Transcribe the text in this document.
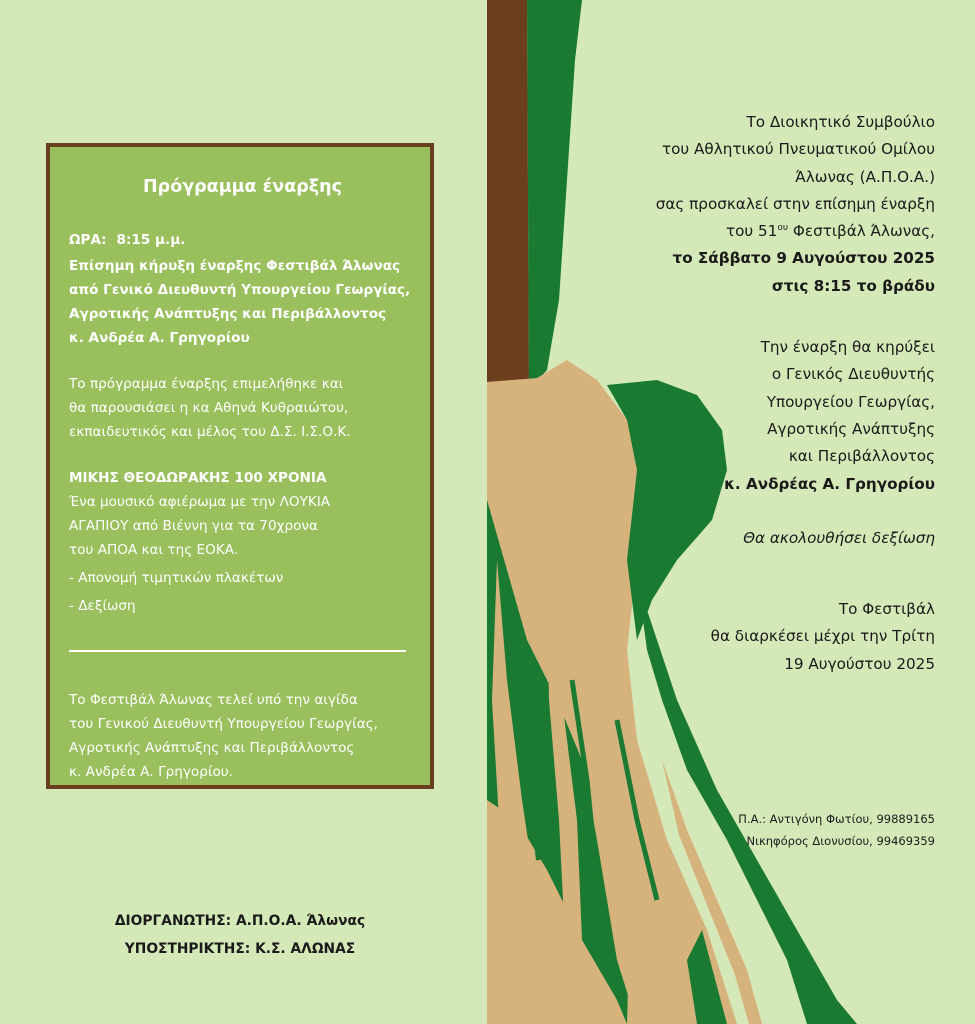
Πρόγραμμα έναρξης

ΩΡΑ: 8:15 μ.μ.

Επίσημη κήρυξη έναρξης Φεστιβάλ Άλωνας

από Γενικό Διευθυντή Υπουργείου Γεωργίας,

Αγροτικής Ανάπτυξης και Περιβάλλοντος

κ. Ανδρέα Α. Γρηγορίου

Το πρόγραμμα έναρξης επιμελήθηκε και

θα παρουσιάσει η κα Αθηνά Κυθραιώτου,

εκπαιδευτικός και μέλος του Δ.Σ. Ι.Σ.Ο.Κ.

ΜΙΚΗΣ ΘΕΟΔΩΡΑΚΗΣ 100 ΧΡΟΝΙΑ

Ένα μουσικό αφιέρωμα με την ΛΟΥΚΙΑ

ΑΓΑΠΙΟΥ από Βιέννη για τα 70χρονα

του ΑΠΟΑ και της ΕΟΚΑ.

- Απονομή τιμητικών πλακέτων

- Δεξίωση

Το Φεστιβάλ Άλωνας τελεί υπό την αιγίδα

του Γενικού Διευθυντή Υπουργείου Γεωργίας,

Αγροτικής Ανάπτυξης και Περιβάλλοντος

κ. Ανδρέα Α. Γρηγορίου.

ΔΙΟΡΓΑΝΩΤΗΣ: Α.Π.Ο.Α. Άλωνας
ΥΠΟΣΤΗΡΙΚΤΗΣ: Κ.Σ. ΑΛΩΝΑΣ

Το Διοικητικό Συμβούλιο

του Αθλητικού Πνευματικού Ομίλου

Άλωνας (Α.Π.Ο.Α.)

σας προσκαλεί στην επίσημη έναρξη

του $51^{o\upsilon}$ Φεστιβάλ Άλωνας,

το Σάββατο 9 Αυγούστου 2025

στις 8:15 το βράδυ

Την έναρξη θα κηρύξει

ο Γενικός Διευθυντής

Υπουργείου Γεωργίας,

Αγροτικής Ανάπτυξης

και Περιβάλλοντος

κ. Ανδρέας Α. Γρηγορίου

Θα ακολουθήσει δεξίωση

Το Φεστιβάλ

θα διαρκέσει μέχρι την Τρίτη

19 Αυγούστου 2025

Π.Α.: Αντιγόνη Φωτίου, 99889165
Νικηφόρος Διονυσίου, 99469359
